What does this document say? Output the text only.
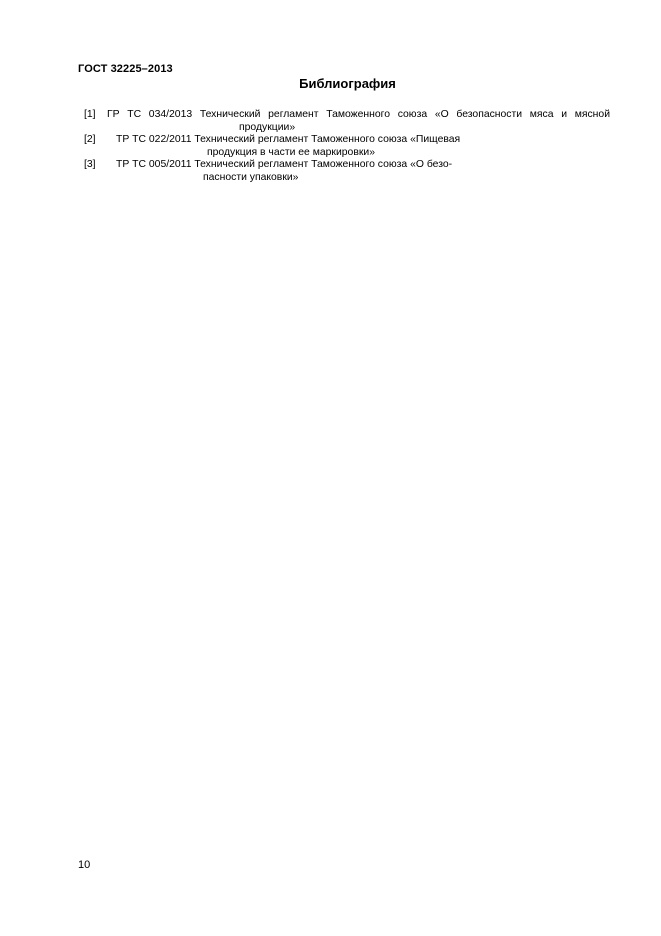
ГОСТ 32225–2013
Библиография
[1]	ГР ТС 034/2013 Технический регламент Таможенного союза «О безопасности мяса и мясной
продукции»
[2]	ТР ТС 022/2011 Технический регламент Таможенного союза «Пищевая
продукция в части ее маркировки»
[3]	ТР ТС 005/2011 Технический регламент Таможенного союза «О безо-
пасности упаковки»
10
